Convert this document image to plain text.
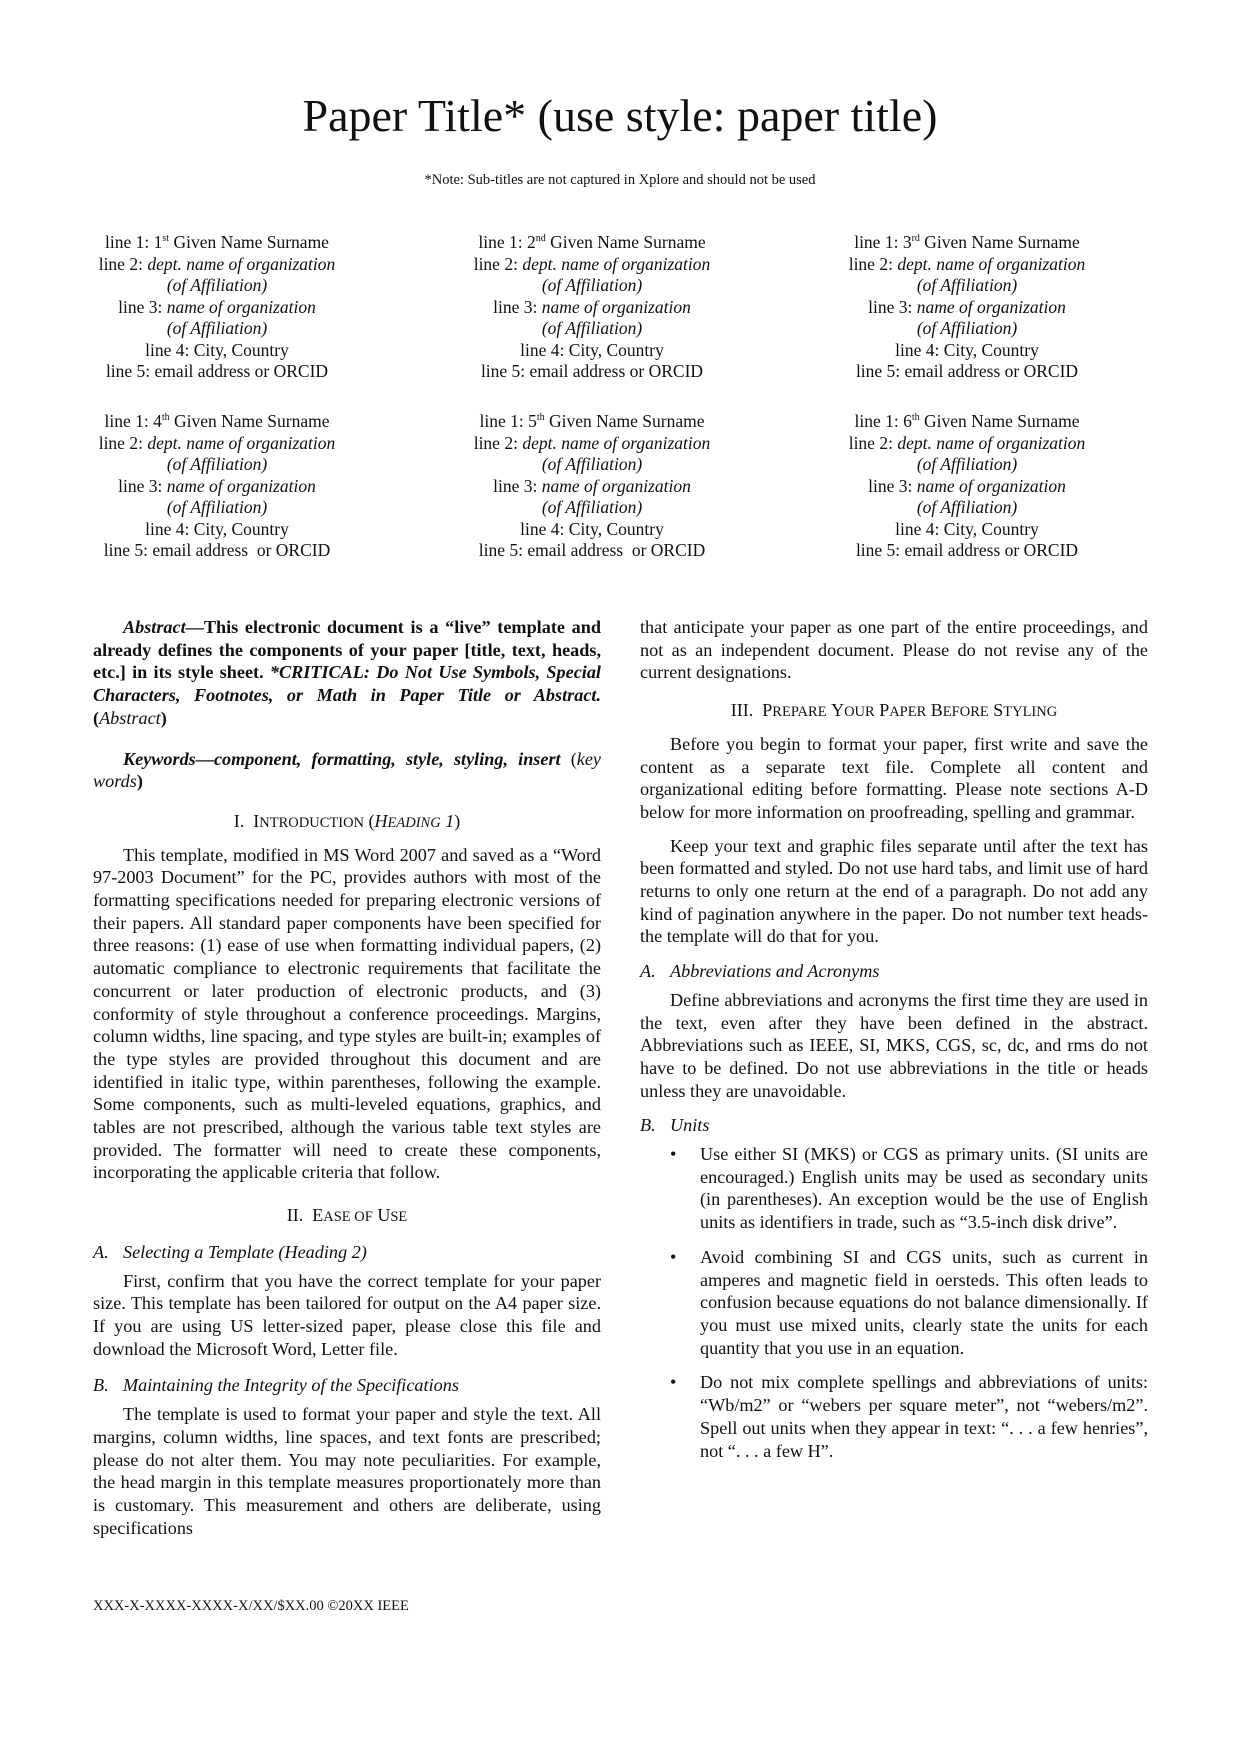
Paper Title* (use style: paper title)
*Note: Sub-titles are not captured in Xplore and should not be used
line 1: 1st Given Name Surname
line 2: dept. name of organization
(of Affiliation)
line 3: name of organization
(of Affiliation)
line 4: City, Country
line 5: email address or ORCID
line 1: 2nd Given Name Surname
line 2: dept. name of organization
(of Affiliation)
line 3: name of organization
(of Affiliation)
line 4: City, Country
line 5: email address or ORCID
line 1: 3rd Given Name Surname
line 2: dept. name of organization
(of Affiliation)
line 3: name of organization
(of Affiliation)
line 4: City, Country
line 5: email address or ORCID
line 1: 4th Given Name Surname
line 2: dept. name of organization
(of Affiliation)
line 3: name of organization
(of Affiliation)
line 4: City, Country
line 5: email address  or ORCID
line 1: 5th Given Name Surname
line 2: dept. name of organization
(of Affiliation)
line 3: name of organization
(of Affiliation)
line 4: City, Country
line 5: email address  or ORCID
line 1: 6th Given Name Surname
line 2: dept. name of organization
(of Affiliation)
line 3: name of organization
(of Affiliation)
line 4: City, Country
line 5: email address or ORCID

Abstract—This electronic document is a “live” template and already defines the components of your paper [title, text, heads, etc.] in its style sheet. *CRITICAL: Do Not Use Symbols, Special Characters, Footnotes, or Math in Paper Title or Abstract. (Abstract)

Keywords—component, formatting, style, styling, insert (key words)

I. INTRODUCTION (HEADING 1)

This template, modified in MS Word 2007 and saved as a “Word 97-2003 Document” for the PC, provides authors with most of the formatting specifications needed for preparing electronic versions of their papers. All standard paper components have been specified for three reasons: (1) ease of use when formatting individual papers, (2) automatic compliance to electronic requirements that facilitate the concurrent or later production of electronic products, and (3) conformity of style throughout a conference proceedings. Margins, column widths, line spacing, and type styles are built-in; examples of the type styles are provided throughout this document and are identified in italic type, within parentheses, following the example. Some components, such as multi-leveled equations, graphics, and tables are not prescribed, although the various table text styles are provided. The formatter will need to create these components, incorporating the applicable criteria that follow.

II. EASE OF USE

A. Selecting a Template (Heading 2)

First, confirm that you have the correct template for your paper size. This template has been tailored for output on the A4 paper size. If you are using US letter-sized paper, please close this file and download the Microsoft Word, Letter file.

B. Maintaining the Integrity of the Specifications

The template is used to format your paper and style the text. All margins, column widths, line spaces, and text fonts are prescribed; please do not alter them. You may note peculiarities. For example, the head margin in this template measures proportionately more than is customary. This measurement and others are deliberate, using specifications

that anticipate your paper as one part of the entire proceedings, and not as an independent document. Please do not revise any of the current designations.

III. PREPARE YOUR PAPER BEFORE STYLING

Before you begin to format your paper, first write and save the content as a separate text file. Complete all content and organizational editing before formatting. Please note sections A-D below for more information on proofreading, spelling and grammar.

Keep your text and graphic files separate until after the text has been formatted and styled. Do not use hard tabs, and limit use of hard returns to only one return at the end of a paragraph. Do not add any kind of pagination anywhere in the paper. Do not number text heads-the template will do that for you.

A. Abbreviations and Acronyms

Define abbreviations and acronyms the first time they are used in the text, even after they have been defined in the abstract. Abbreviations such as IEEE, SI, MKS, CGS, sc, dc, and rms do not have to be defined. Do not use abbreviations in the title or heads unless they are unavoidable.

B. Units

• Use either SI (MKS) or CGS as primary units. (SI units are encouraged.) English units may be used as secondary units (in parentheses). An exception would be the use of English units as identifiers in trade, such as “3.5-inch disk drive”.
• Avoid combining SI and CGS units, such as current in amperes and magnetic field in oersteds. This often leads to confusion because equations do not balance dimensionally. If you must use mixed units, clearly state the units for each quantity that you use in an equation.
• Do not mix complete spellings and abbreviations of units: “Wb/m2” or “webers per square meter”, not “webers/m2”. Spell out units when they appear in text: “. . . a few henries”, not “. . . a few H”.
XXX-X-XXXX-XXXX-X/XX/$XX.00 ©20XX IEEE
